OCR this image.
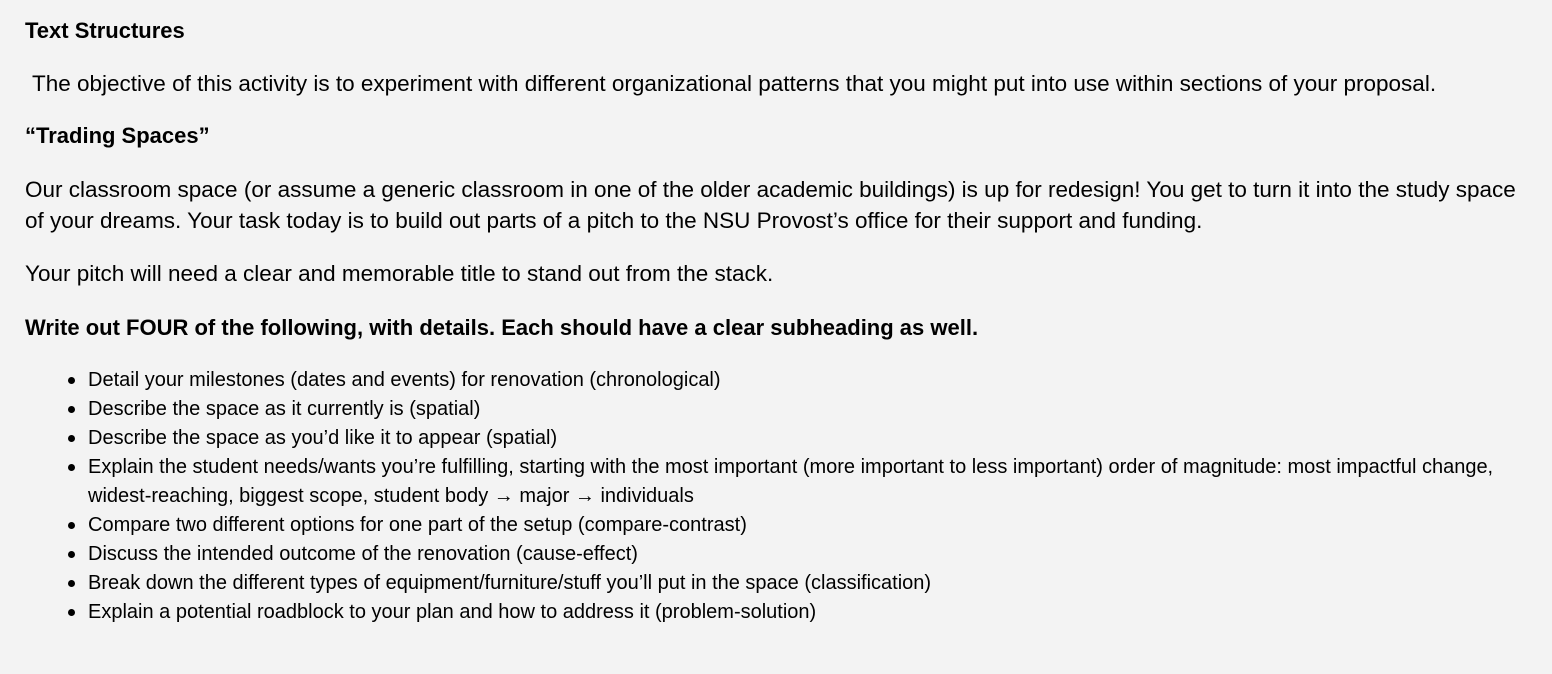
Text Structures

The objective of this activity is to experiment with different organizational patterns that you might put into use within sections of your proposal.

“Trading Spaces”

Our classroom space (or assume a generic classroom in one of the older academic buildings) is up for redesign! You get to turn it into the study space of your dreams. Your task today is to build out parts of a pitch to the NSU Provost’s office for their support and funding.

Your pitch will need a clear and memorable title to stand out from the stack.

Write out FOUR of the following, with details. Each should have a clear subheading as well.

Detail your milestones (dates and events) for renovation (chronological)
Describe the space as it currently is (spatial)
Describe the space as you’d like it to appear (spatial)
Explain the student needs/wants you’re fulfilling, starting with the most important (more important to less important) order of magnitude: most impactful change, widest-reaching, biggest scope, student body → major → individuals
Compare two different options for one part of the setup (compare-contrast)
Discuss the intended outcome of the renovation (cause-effect)
Break down the different types of equipment/furniture/stuff you’ll put in the space (classification)
Explain a potential roadblock to your plan and how to address it (problem-solution)
